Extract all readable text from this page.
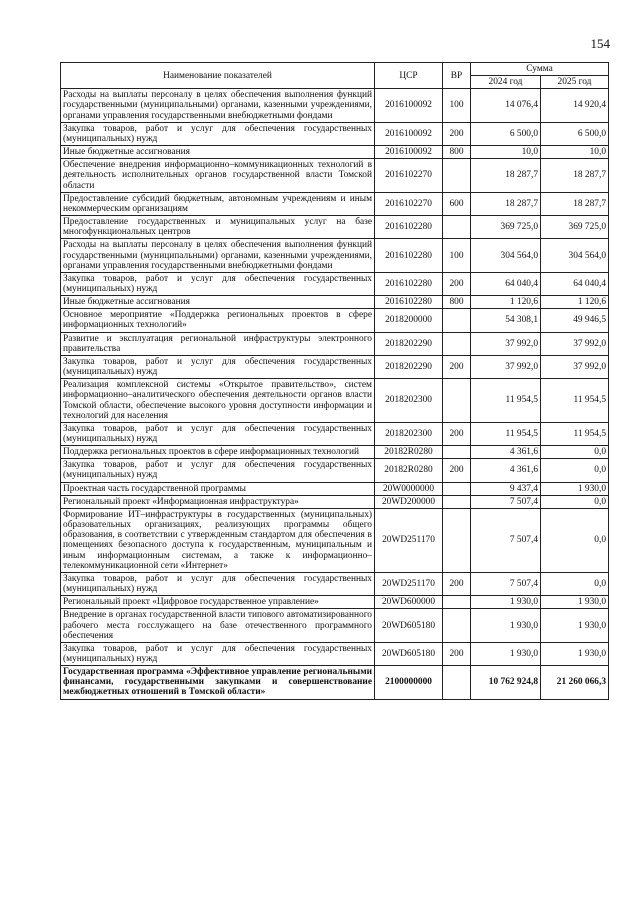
154
Наименование показателей	ЦСР	ВР	Сумма	
			2024 год	2025 год
Расходы на выплаты персоналу в целях обеспечения выполнения функций государственными (муниципальными) органами, казенными учреждениями, органами управления государственными внебюджетными фондами	2016100092	100	14 076,4	14 920,4
Закупка товаров, работ и услуг для обеспечения государственных (муниципальных) нужд	2016100092	200	6 500,0	6 500,0
Иные бюджетные ассигнования	2016100092	800	10,0	10,0
Обеспечение внедрения информационно–коммуникационных технологий в деятельность исполнительных органов государственной власти Томской области	2016102270		18 287,7	18 287,7
Предоставление субсидий бюджетным, автономным учреждениям и иным некоммерческим организациям	2016102270	600	18 287,7	18 287,7
Предоставление государственных и муниципальных услуг на базе многофункциональных центров	2016102280		369 725,0	369 725,0
Расходы на выплаты персоналу в целях обеспечения выполнения функций государственными (муниципальными) органами, казенными учреждениями, органами управления государственными внебюджетными фондами	2016102280	100	304 564,0	304 564,0
Закупка товаров, работ и услуг для обеспечения государственных (муниципальных) нужд	2016102280	200	64 040,4	64 040,4
Иные бюджетные ассигнования	2016102280	800	1 120,6	1 120,6
Основное мероприятие «Поддержка региональных проектов в сфере информационных технологий»	2018200000		54 308,1	49 946,5
Развитие и эксплуатация региональной инфраструктуры электронного правительства	2018202290		37 992,0	37 992,0
Закупка товаров, работ и услуг для обеспечения государственных (муниципальных) нужд	2018202290	200	37 992,0	37 992,0
Реализация комплексной системы «Открытое правительство», систем информационно–аналитического обеспечения деятельности органов власти Томской области, обеспечение высокого уровня доступности информации и технологий для населения	2018202300		11 954,5	11 954,5
Закупка товаров, работ и услуг для обеспечения государственных (муниципальных) нужд	2018202300	200	11 954,5	11 954,5
Поддержка региональных проектов в сфере информационных технологий	20182R0280		4 361,6	0,0
Закупка товаров, работ и услуг для обеспечения государственных (муниципальных) нужд	20182R0280	200	4 361,6	0,0
Проектная часть государственной программы	20W0000000		9 437,4	1 930,0
Региональный проект «Информационная инфраструктура»	20WD200000		7 507,4	0,0
Формирование ИТ–инфраструктуры в государственных (муниципальных) образовательных организациях, реализующих программы общего образования, в соответствии с утвержденным стандартом для обеспечения в помещениях безопасного доступа к государственным, муниципальным и иным информационным системам, а также к информационно–телекоммуникационной сети «Интернет»	20WD251170		7 507,4	0,0
Закупка товаров, работ и услуг для обеспечения государственных (муниципальных) нужд	20WD251170	200	7 507,4	0,0
Региональный проект «Цифровое государственное управление»	20WD600000		1 930,0	1 930,0
Внедрение в органах государственной власти типового автоматизированного рабочего места госслужащего на базе отечественного программного обеспечения	20WD605180		1 930,0	1 930,0
Закупка товаров, работ и услуг для обеспечения государственных (муниципальных) нужд	20WD605180	200	1 930,0	1 930,0
Государственная программа «Эффективное управление региональными финансами, государственными закупками и совершенствование межбюджетных отношений в Томской области»	2100000000		10 762 924,8	21 260 066,3
